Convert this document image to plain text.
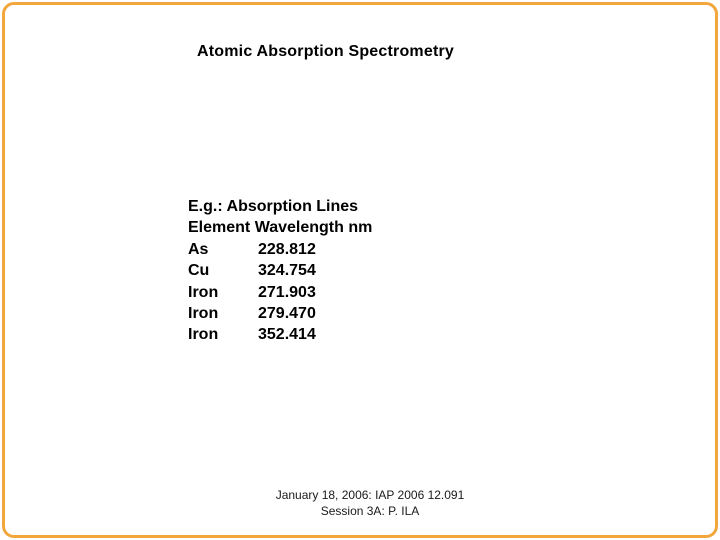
Atomic Absorption Spectrometry
E.g.: Absorption Lines
Element Wavelength nm
As	228.812
Cu	324.754
Iron	271.903
Iron	279.470
Iron	352.414
January 18, 2006: IAP 2006 12.091
Session 3A: P. ILA
